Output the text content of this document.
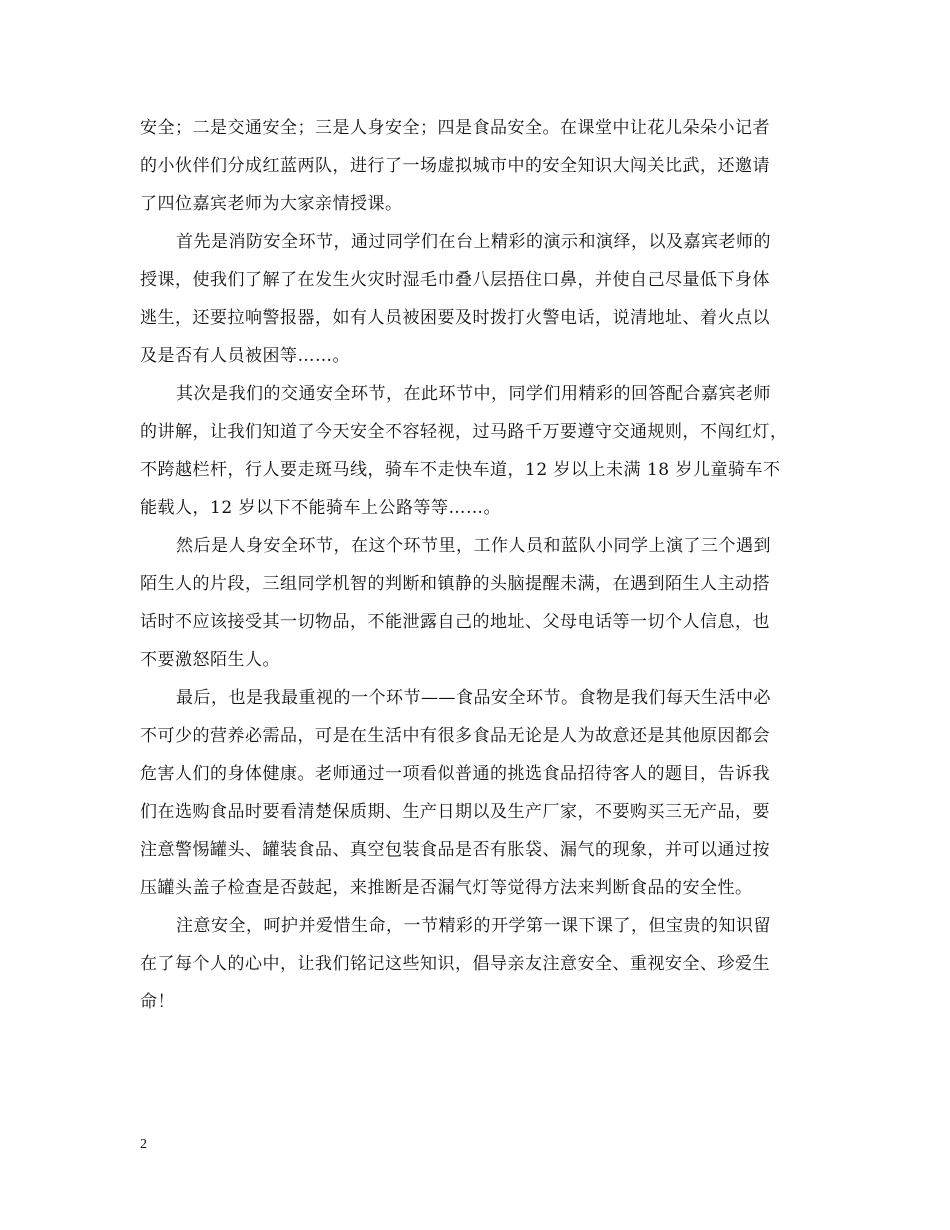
安全；二是交通安全；三是人身安全；四是食品安全。在课堂中让花儿朵朵小记者
的小伙伴们分成红蓝两队，进行了一场虚拟城市中的安全知识大闯关比武，还邀请
了四位嘉宾老师为大家亲情授课。
首先是消防安全环节，通过同学们在台上精彩的演示和演绎，以及嘉宾老师的
授课，使我们了解了在发生火灾时湿毛巾叠八层捂住口鼻，并使自己尽量低下身体
逃生，还要拉响警报器，如有人员被困要及时拨打火警电话，说清地址、着火点以
及是否有人员被困等……。
其次是我们的交通安全环节，在此环节中，同学们用精彩的回答配合嘉宾老师
的讲解，让我们知道了今天安全不容轻视，过马路千万要遵守交通规则，不闯红灯，
不跨越栏杆，行人要走斑马线，骑车不走快车道，12 岁以上未满 18 岁儿童骑车不
能载人，12 岁以下不能骑车上公路等等……。
然后是人身安全环节，在这个环节里，工作人员和蓝队小同学上演了三个遇到
陌生人的片段，三组同学机智的判断和镇静的头脑提醒未满，在遇到陌生人主动搭
话时不应该接受其一切物品，不能泄露自己的地址、父母电话等一切个人信息，也
不要激怒陌生人。
最后，也是我最重视的一个环节——食品安全环节。食物是我们每天生活中必
不可少的营养必需品，可是在生活中有很多食品无论是人为故意还是其他原因都会
危害人们的身体健康。老师通过一项看似普通的挑选食品招待客人的题目，告诉我
们在选购食品时要看清楚保质期、生产日期以及生产厂家，不要购买三无产品，要
注意警惕罐头、罐装食品、真空包装食品是否有胀袋、漏气的现象，并可以通过按
压罐头盖子检查是否鼓起，来推断是否漏气灯等觉得方法来判断食品的安全性。
注意安全，呵护并爱惜生命，一节精彩的开学第一课下课了，但宝贵的知识留
在了每个人的心中，让我们铭记这些知识，倡导亲友注意安全、重视安全、珍爱生
命！
2
